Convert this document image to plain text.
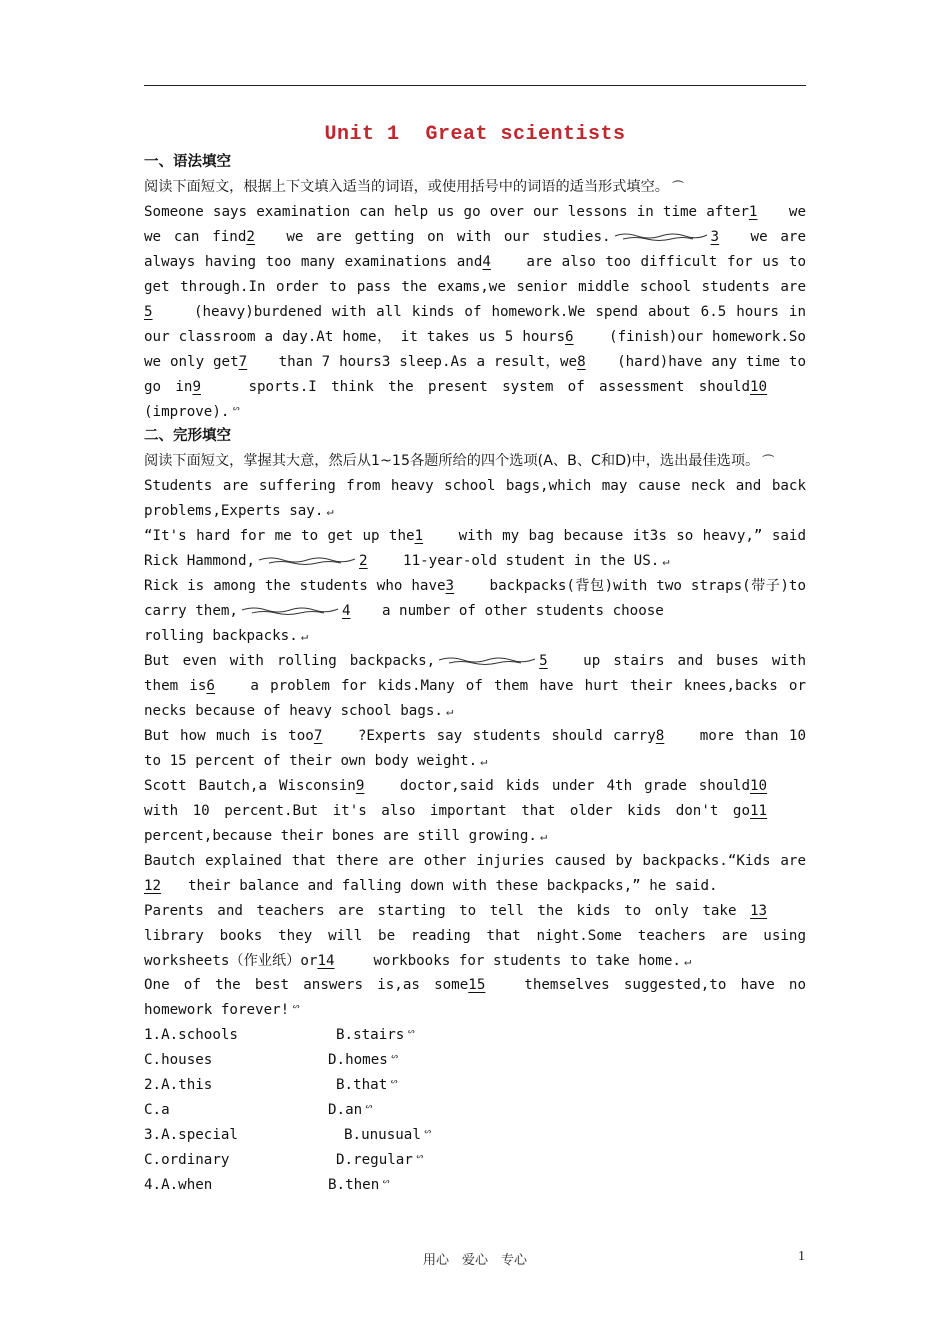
Unit 1 Great scientists
一、语法填空
阅读下面短文，根据上下文填入适当的词语，或使用括号中的词语的适当形式填空。 ⏜
Someone says examination can help us go over our lessons in time after1 we we can find2 we are getting on with our studies.	3 we are always having too many examinations and4 are also too difficult for us to get through.In order to pass the exams,we senior middle school students are5	(heavy)burdened with all kinds of homework.We spend about 6.5 hours in our classroom a day.At home， it takes us 5 hours6 (finish)our homework.So we only get7 than 7 hours3 sleep.As a result，we8 (hard)have any time to go in9	sports.I think the present system of assessment should10 (improve). ᔥ
二、完形填空
阅读下面短文，掌握其大意，然后从1~15各题所给的四个选项(A、B、C和D)中，选出最佳选项。 ⏜
Students are suffering from heavy school bags,which may cause neck and back problems,Experts say. ↵
“It's hard for me to get up the1 with my bag because it3s so heavy,” said Rick Hammond,	2 11-year-old student in the US. ↵
Rick is among the students who have3 backpacks(背包)with two straps(带子)to carry them,	4 a number of other students choose
rolling backpacks. ↵
But even with rolling backpacks,	5 up stairs and buses with them is6 a problem for kids.Many of them have hurt their knees,backs or necks because of heavy school bags. ↵
But how much is too7 ?Experts say students should carry8 more than 10 to 15 percent of their own body weight. ↵
Scott Bautch,a Wisconsin9 doctor,said kids under 4th grade should10with 10 percent.But it's also important that older kids don't go11 percent,because their bones are still growing. ↵
Bautch explained that there are other injuries caused by backpacks.“Kids are 12 their balance and falling down with these backpacks,” he said.
Parents and teachers are starting to tell the kids to only take 13library books they will be reading that night.Some teachers are using worksheets（作业纸）or14	workbooks for students to take home. ↵
One of the best answers is,as some15	themselves suggested,to have no homework forever! ᔥ
1.A.schools	B.stairs ᔥ
C.houses	D.homes ᔥ
2.A.this	B.that ᔥ
C.a	D.an ᔥ
3.A.special	B.unusual ᔥ
C.ordinary	D.regular ᔥ
4.A.when	B.then ᔥ
用心　爱心　专心	1
